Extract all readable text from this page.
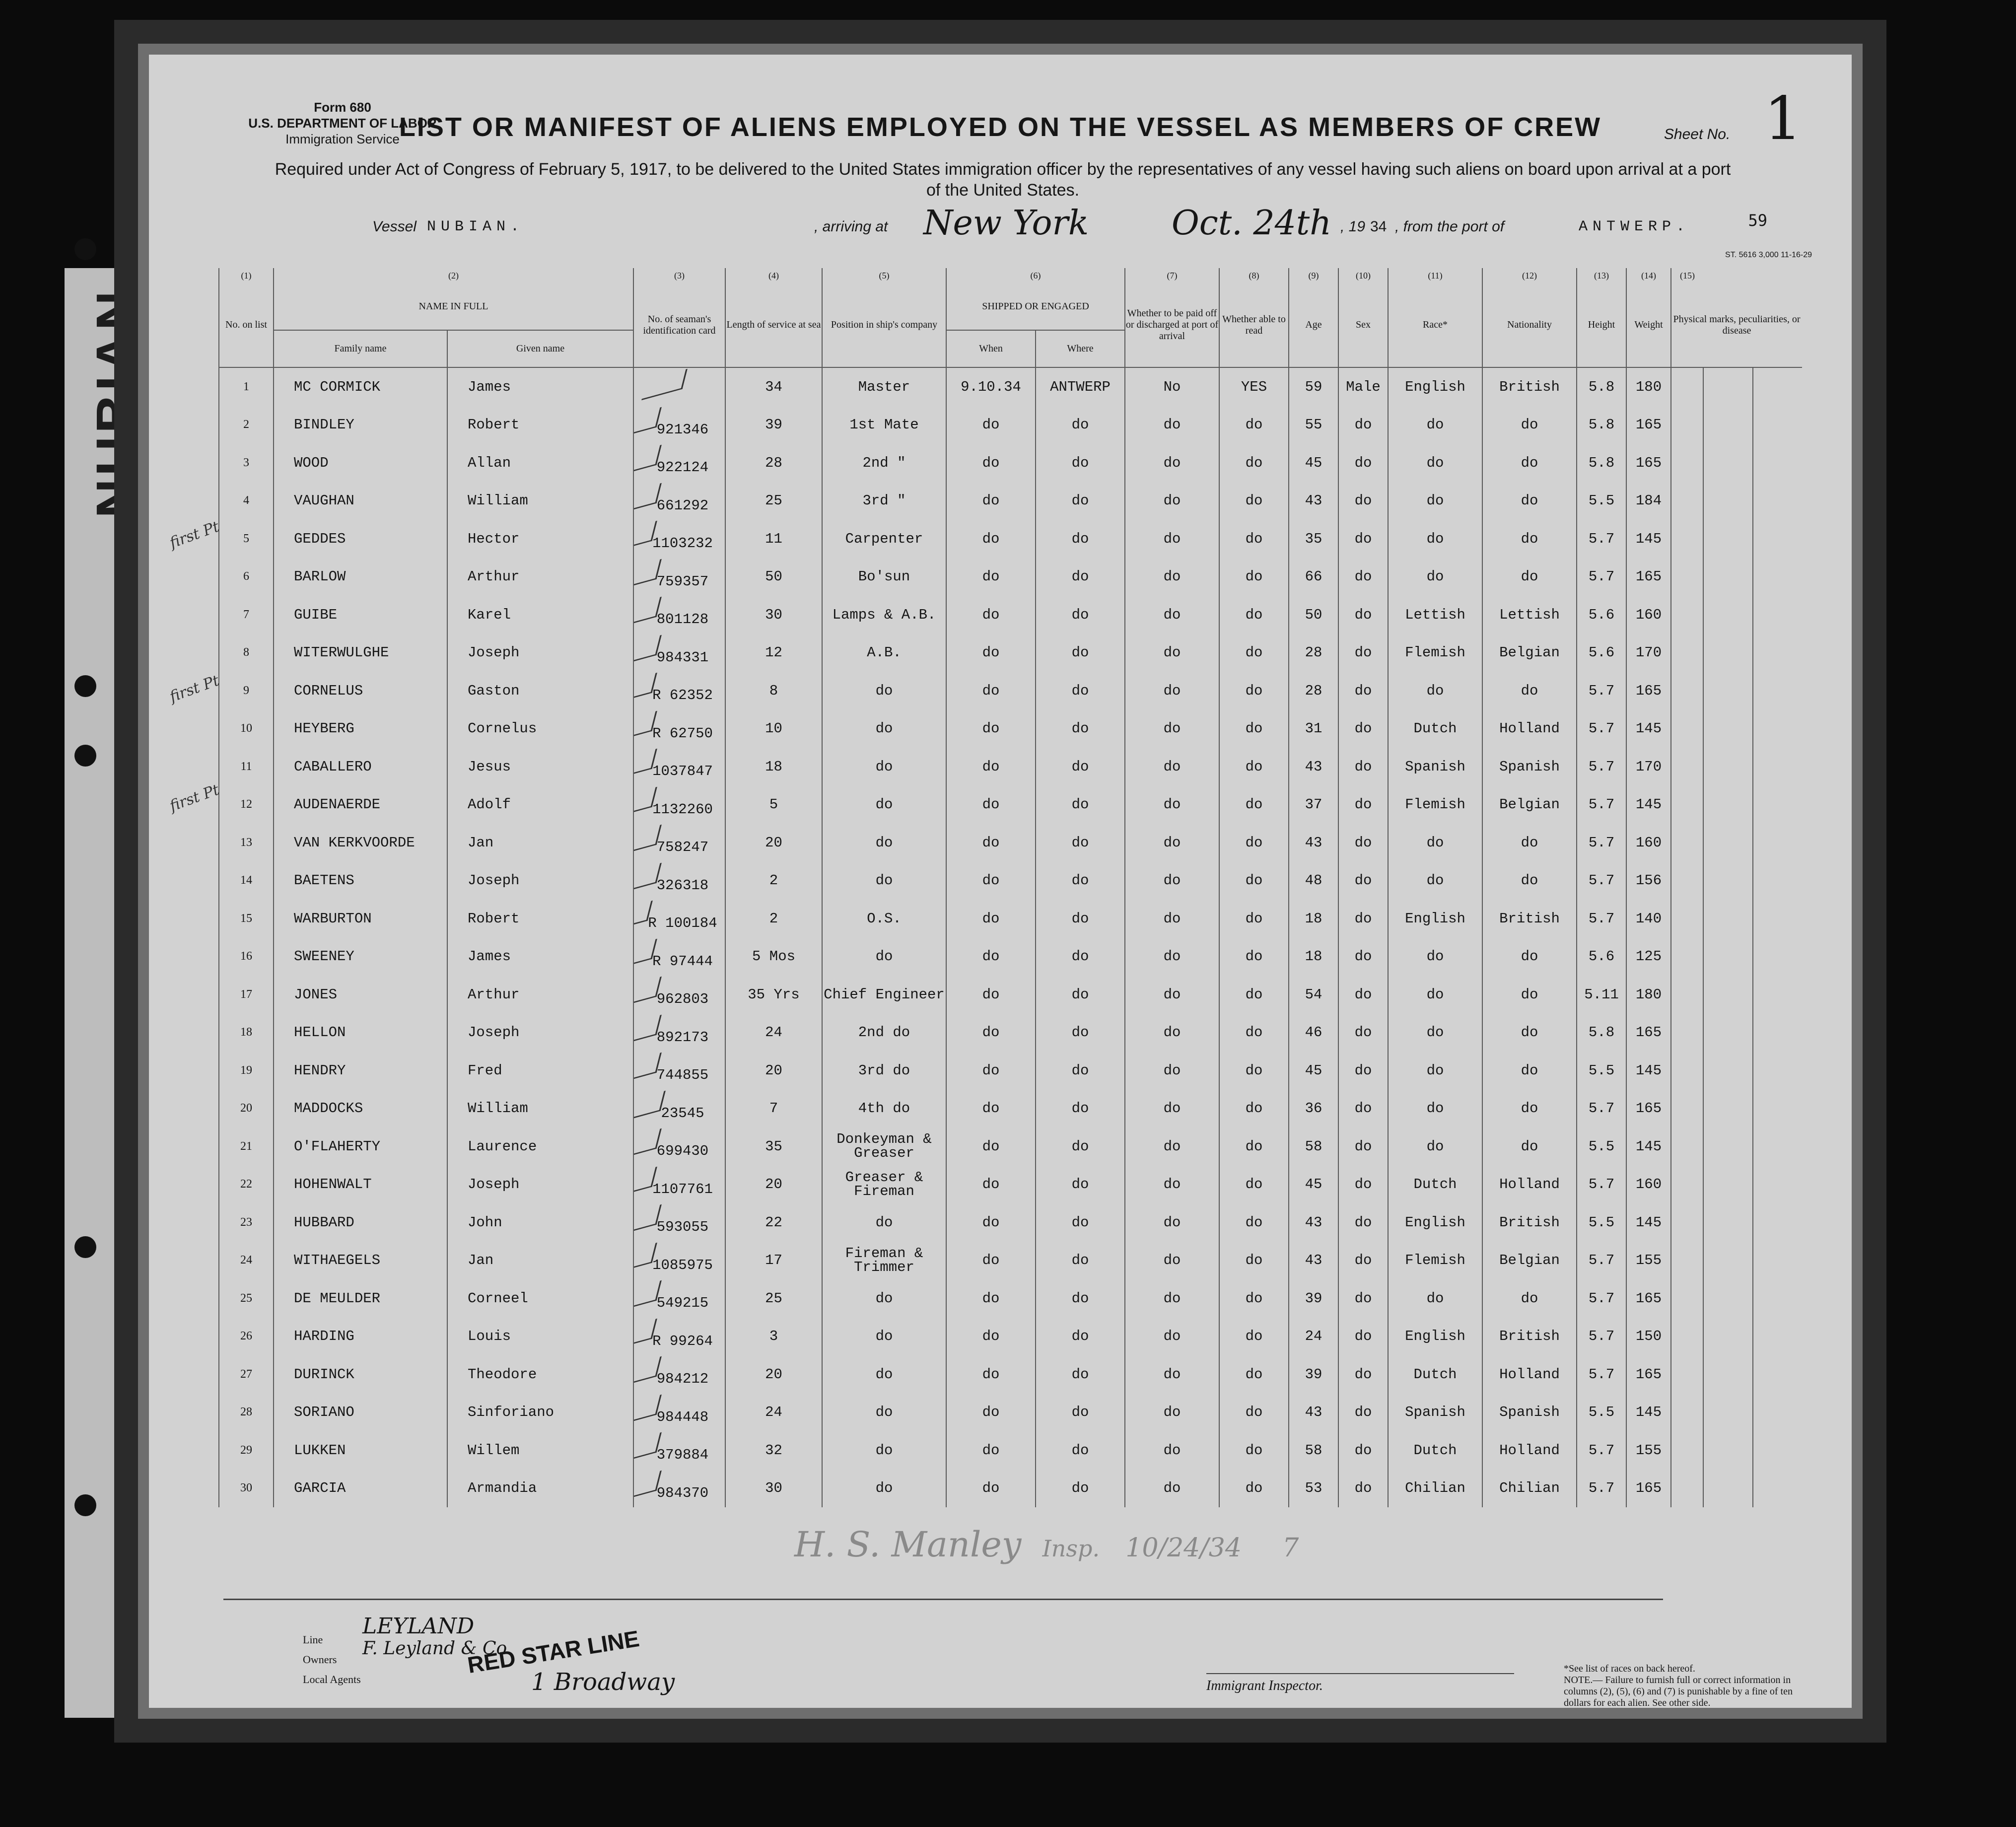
NUBIAN
Form 680
U.S. DEPARTMENT OF LABOR
Immigration Service	Sheet No. 1
LIST OR MANIFEST OF ALIENS EMPLOYED ON THE VESSEL AS MEMBERS OF CREW
Required under Act of Congress of February 5, 1917, to be delivered to the United States immigration officer by the representatives of any vessel having such aliens on board upon arrival at a port of the United States.
59
Vessel NUBIAN.	, arriving at New York Oct. 24th , 19 34 , from the port of	ANTWERP.
ST. 5616 3,000 11-16-29
(1)	(2)		(3)	(4)	(5)	(6)		(7)	(8)	(9)	(10)	(11)	(12)	(13)	(14)	(15)		
No. on list	NAME IN FULL		No. of seaman's identification card	Length of service at sea	Position in ship's company	SHIPPED OR ENGAGED		Whether to be paid off or discharged at port of arrival	Whether able to read	Age	Sex	Race*	Nationality	Height	Weight	Physical marks, peculiarities, or disease		
	Family name	Given name				When	Where											
1	MC CORMICK	James		34	Master	9.10.34	ANTWERP	No	YES	59	Male	English	British	5.8	180			
2	BINDLEY	Robert	921346	39	1st Mate	do	do	do	do	55	do	do	do	5.8	165			
3	WOOD	Allan	922124	28	2nd "	do	do	do	do	45	do	do	do	5.8	165			
4	VAUGHAN	William	661292	25	3rd "	do	do	do	do	43	do	do	do	5.5	184			
5	GEDDES	Hector	1103232	11	Carpenter	do	do	do	do	35	do	do	do	5.7	145			
6	BARLOW	Arthur	759357	50	Bo'sun	do	do	do	do	66	do	do	do	5.7	165			
7	GUIBE	Karel	801128	30	Lamps & A.B.	do	do	do	do	50	do	Lettish	Lettish	5.6	160			
8	WITERWULGHE	Joseph	984331	12	A.B.	do	do	do	do	28	do	Flemish	Belgian	5.6	170			
9	CORNELUS	Gaston	R 62352	8	do	do	do	do	do	28	do	do	do	5.7	165			
10	HEYBERG	Cornelus	R 62750	10	do	do	do	do	do	31	do	Dutch	Holland	5.7	145			
11	CABALLERO	Jesus	1037847	18	do	do	do	do	do	43	do	Spanish	Spanish	5.7	170			
12	AUDENAERDE	Adolf	1132260	5	do	do	do	do	do	37	do	Flemish	Belgian	5.7	145			
13	VAN KERKVOORDE	Jan	758247	20	do	do	do	do	do	43	do	do	do	5.7	160			
14	BAETENS	Joseph	326318	2	do	do	do	do	do	48	do	do	do	5.7	156			
15	WARBURTON	Robert	R 100184	2	O.S.	do	do	do	do	18	do	English	British	5.7	140			
16	SWEENEY	James	R 97444	5 Mos	do	do	do	do	do	18	do	do	do	5.6	125			
17	JONES	Arthur	962803	35 Yrs	Chief Engineer	do	do	do	do	54	do	do	do	5.11	180			
18	HELLON	Joseph	892173	24	2nd do	do	do	do	do	46	do	do	do	5.8	165			
19	HENDRY	Fred	744855	20	3rd do	do	do	do	do	45	do	do	do	5.5	145			
20	MADDOCKS	William	23545	7	4th do	do	do	do	do	36	do	do	do	5.7	165			
21	O'FLAHERTY	Laurence	699430	35	Donkeyman & Greaser	do	do	do	do	58	do	do	do	5.5	145			
22	HOHENWALT	Joseph	1107761	20	Greaser & Fireman	do	do	do	do	45	do	Dutch	Holland	5.7	160			
23	HUBBARD	John	593055	22	do	do	do	do	do	43	do	English	British	5.5	145			
24	WITHAEGELS	Jan	1085975	17	Fireman & Trimmer	do	do	do	do	43	do	Flemish	Belgian	5.7	155			
25	DE MEULDER	Corneel	549215	25	do	do	do	do	do	39	do	do	do	5.7	165			
26	HARDING	Louis	R 99264	3	do	do	do	do	do	24	do	English	British	5.7	150			
27	DURINCK	Theodore	984212	20	do	do	do	do	do	39	do	Dutch	Holland	5.7	165			
28	SORIANO	Sinforiano	984448	24	do	do	do	do	do	43	do	Spanish	Spanish	5.5	145			
29	LUKKEN	Willem	379884	32	do	do	do	do	do	58	do	Dutch	Holland	5.7	155			
30	GARCIA	Armandia	984370	30	do	do	do	do	do	53	do	Chilian	Chilian	5.7	165			
H. S. Manley Insp. 10/24/34 7
first Pt
first Pt
first Pt
Line
LEYLAND
Owners
F. Leyland & Co
Local Agents
RED STAR LINE
1 Broadway	Immigrant Inspector.
*See list of races on back hereof.
NOTE.— Failure to furnish full or correct information in columns (2), (5), (6) and (7) is punishable by a fine of ten dollars for each alien. See other side.
